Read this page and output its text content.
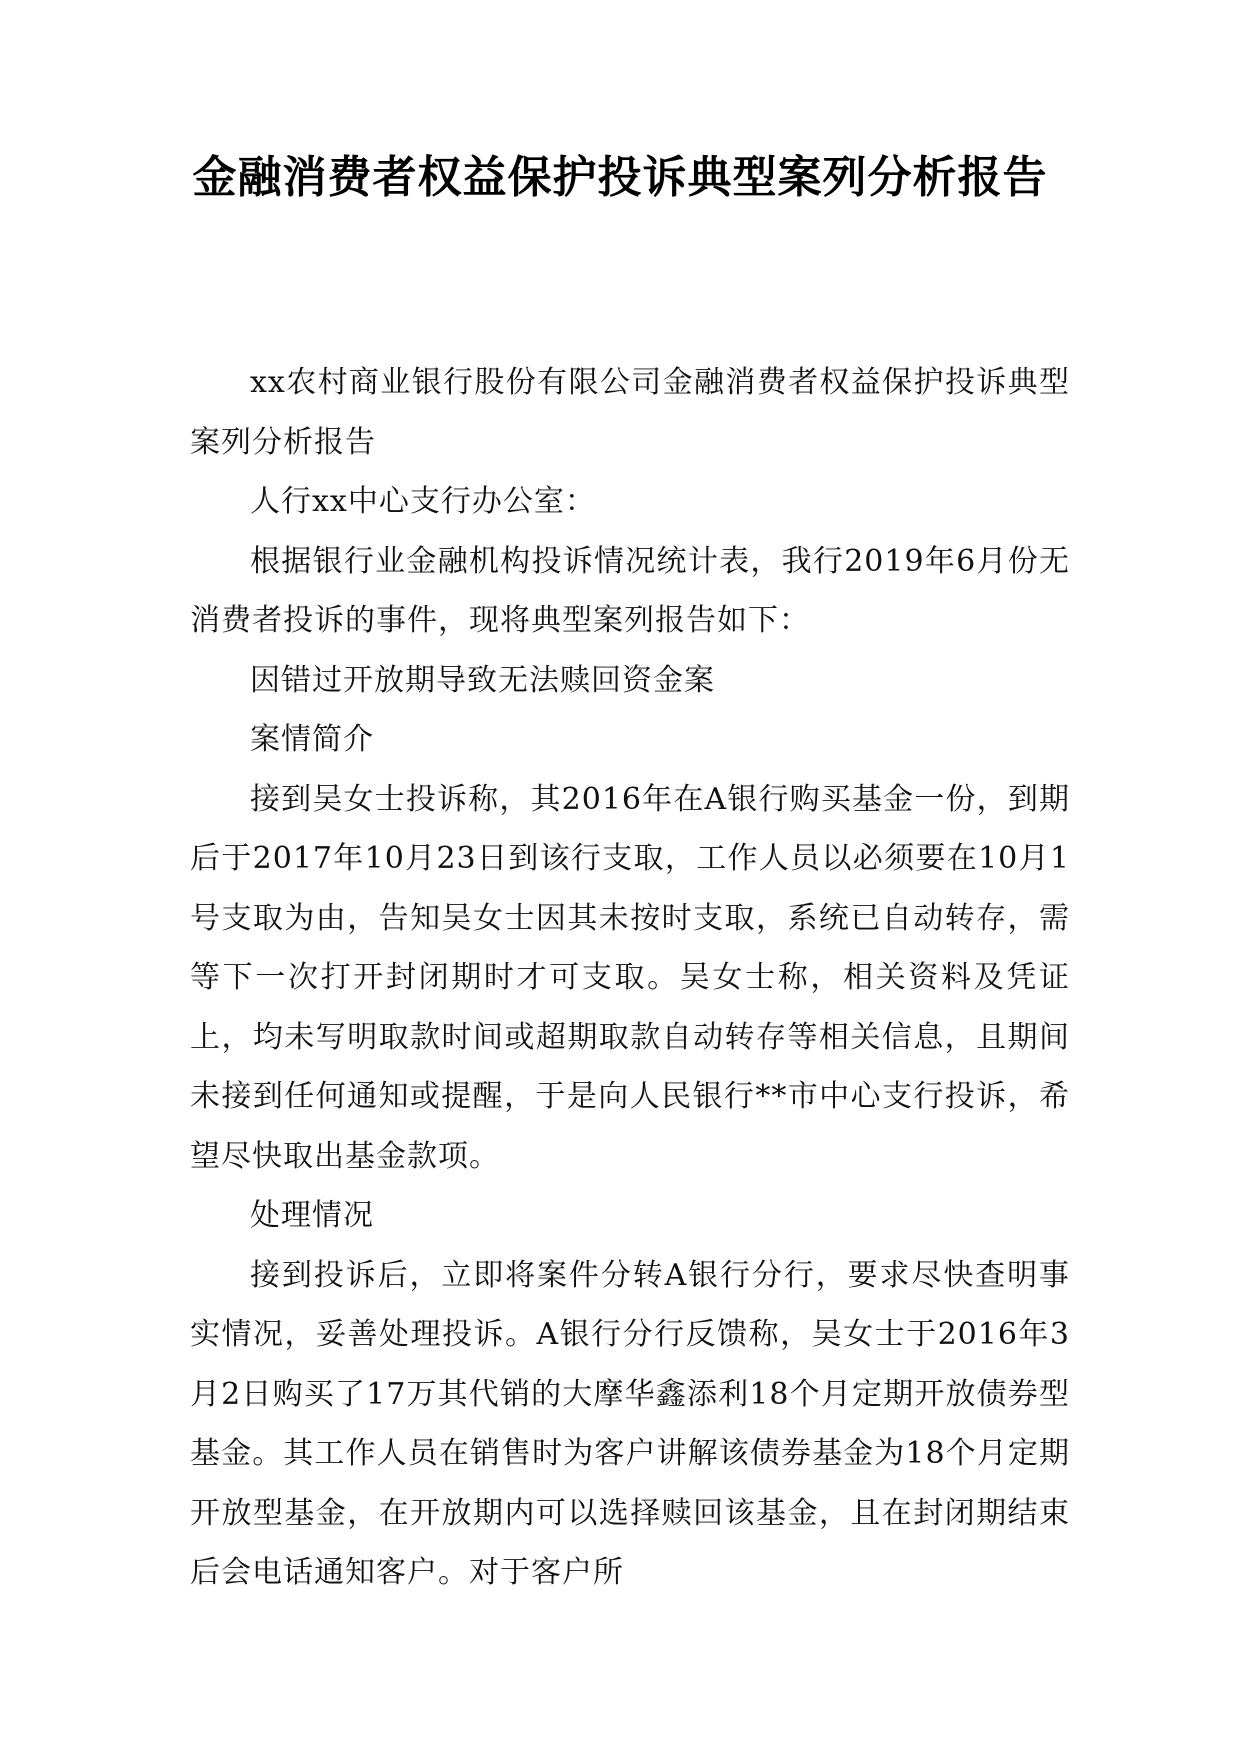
金融消费者权益保护投诉典型案列分析报告

xx农村商业银行股份有限公司金融消费者权益保护投诉典型案列分析报告

人行xx中心支行办公室：

根据银行业金融机构投诉情况统计表，我行2019年6月份无消费者投诉的事件，现将典型案列报告如下：

因错过开放期导致无法赎回资金案

案情简介

接到吴女士投诉称，其2016年在A银行购买基金一份，到期后于2017年10月23日到该行支取，工作人员以必须要在10月1号支取为由，告知吴女士因其未按时支取，系统已自动转存，需等下一次打开封闭期时才可支取。吴女士称，相关资料及凭证上，均未写明取款时间或超期取款自动转存等相关信息，且期间未接到任何通知或提醒，于是向人民银行**市中心支行投诉，希望尽快取出基金款项。

处理情况

接到投诉后，立即将案件分转A银行分行，要求尽快查明事实情况，妥善处理投诉。A银行分行反馈称，吴女士于2016年3月2日购买了17万其代销的大摩华鑫添利18个月定期开放债券型基金。其工作人员在销售时为客户讲解该债券基金为18个月定期开放型基金，在开放期内可以选择赎回该基金，且在封闭期结束后会电话通知客户。对于客户所
